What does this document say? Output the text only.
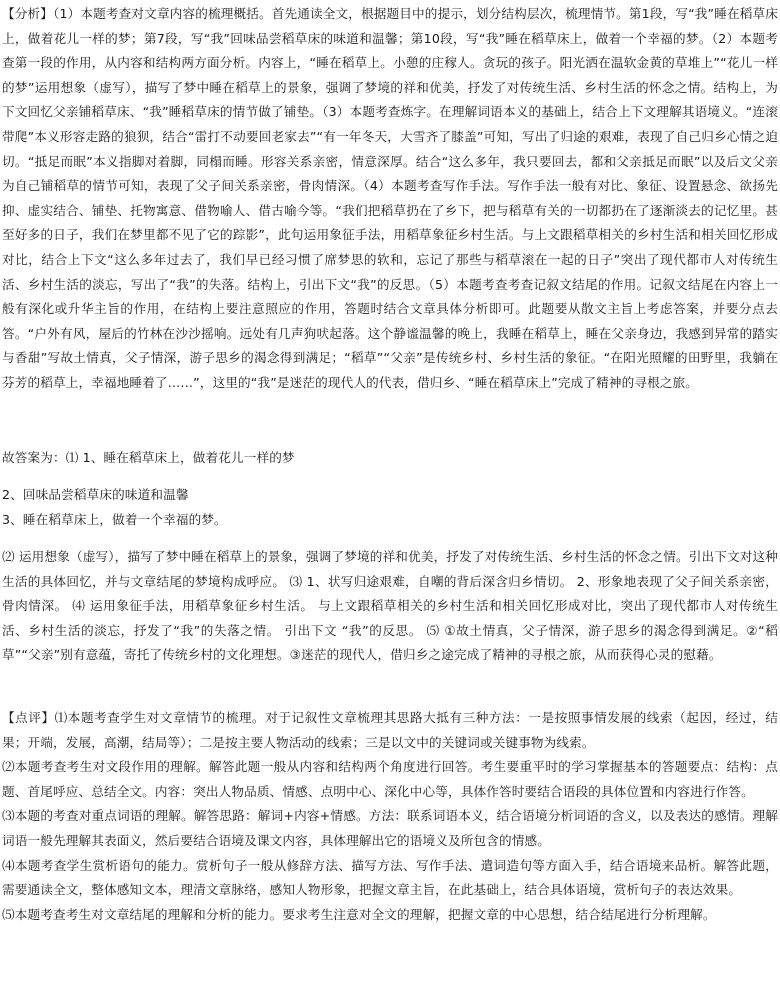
【分析】（1）本题考查对文章内容的梳理概括。首先通读全文，根据题目中的提示，划分结构层次，梳理情节。第1段，写“我”睡在稻草床上，做着花儿一样的梦；第7段，写“我”回味品尝稻草床的味道和温馨；第10段，写“我”睡在稻草床上，做着一个幸福的梦。（2）本题考查第一段的作用，从内容和结构两方面分析。内容上，“睡在稻草上。小憩的庄稼人。贪玩的孩子。阳光洒在温软金黄的草堆上”“花儿一样的梦”运用想象（虚写），描写了梦中睡在稻草上的景象，强调了梦境的祥和优美，抒发了对传统生活、乡村生活的怀念之情。结构上，为下文回忆父亲铺稻草床、“我”睡稻草床的情节做了铺垫。（3）本题考查炼字。在理解词语本义的基础上，结合上下文理解其语境义。“连滚带爬”本义形容走路的狼狈，结合“雷打不动要回老家去”“有一年冬天，大雪齐了膝盖”可知，写出了归途的艰难，表现了自己归乡心情之迫切。“抵足而眠”本义指脚对着脚，同榻而睡。形容关系亲密，情意深厚。结合“这么多年，我只要回去，都和父亲抵足而眠”以及后文父亲为自己铺稻草的情节可知，表现了父子间关系亲密，骨肉情深。（4）本题考查写作手法。写作手法一般有对比、象征、设置悬念、欲扬先抑、虚实结合、铺垫、托物寓意、借物喻人、借古喻今等。“我们把稻草扔在了乡下，把与稻草有关的一切都扔在了逐渐淡去的记忆里。甚至好多的日子，我们在梦里都不见了它的踪影”，此句运用象征手法，用稻草象征乡村生活。与上文跟稻草相关的乡村生活和相关回忆形成对比，结合上下文“这么多年过去了，我们早已经习惯了席梦思的软和，忘记了那些与稻草滚在一起的日子”突出了现代都市人对传统生活、乡村生活的淡忘，写出了“我”的失落。结构上，引出下文“我”的反思。（5）本题考查考查记叙文结尾的作用。记叙文结尾在内容上一般有深化或升华主旨的作用，在结构上要注意照应的作用，答题时结合文章具体分析即可。此题要从散文主旨上考虑答案，并要分点去答。“户外有风，屋后的竹林在沙沙摇响。远处有几声狗吠起落。这个静谧温馨的晚上，我睡在稻草上，睡在父亲身边，我感到异常的踏实与香甜”写故土情真，父子情深，游子思乡的渴念得到满足；“稻草”“父亲”是传统乡村、乡村生活的象征。“在阳光照耀的田野里，我躺在芬芳的稻草上，幸福地睡着了……”，这里的“我”是迷茫的现代人的代表，借归乡、“睡在稻草床上”完成了精神的寻根之旅。

故答案为：⑴ 1、睡在稻草床上，做着花儿一样的梦

2、回味品尝稻草床的味道和温馨

3、睡在稻草床上，做着一个幸福的梦。

⑵ 运用想象（虚写），描写了梦中睡在稻草上的景象，强调了梦境的祥和优美，抒发了对传统生活、乡村生活的怀念之情。引出下文对这种生活的具体回忆，并与文章结尾的梦境构成呼应。 ⑶ 1、状写归途艰难，自嘲的背后深含归乡情切。 2、形象地表现了父子间关系亲密，骨肉情深。 ⑷ 运用象征手法，用稻草象征乡村生活。 与上文跟稻草相关的乡村生活和相关回忆形成对比，突出了现代都市人对传统生活、乡村生活的淡忘，抒发了“我”的失落之情。 引出下文 “我”的反思。 ⑸ ①故土情真，父子情深，游子思乡的渴念得到满足。②“稻草”“父亲”别有意蕴，寄托了传统乡村的文化理想。③迷茫的现代人，借归乡之途完成了精神的寻根之旅，从而获得心灵的慰藉。

【点评】⑴本题考查学生对文章情节的梳理。对于记叙性文章梳理其思路大抵有三种方法：一是按照事情发展的线索（起因，经过，结果；开端，发展，高潮，结局等）；二是按主要人物活动的线索；三是以文中的关键词或关键事物为线索。
⑵本题考查考生对文段作用的理解。解答此题一般从内容和结构两个角度进行回答。考生要重平时的学习掌握基本的答题要点：结构：点题、首尾呼应、总结全文。内容：突出人物品质、情感、点明中心、深化中心等，具体作答时要结合语段的具体位置和内容进行作答。
⑶本题的考查对重点词语的理解。解答思路：解词+内容+情感。方法：联系词语本义，结合语境分析词语的含义，以及表达的感情。理解词语一般先理解其表面义，然后要结合语境及课文内容，具体理解出它的语境义及所包含的情感。
⑷本题考查学生赏析语句的能力。赏析句子一般从修辞方法、描写方法、写作手法、遣词造句等方面入手，结合语境来品析。解答此题，需要通读全文，整体感知文本，理清文章脉络，感知人物形象，把握文章主旨，在此基础上，结合具体语境，赏析句子的表达效果。
⑸本题考查考生对文章结尾的理解和分析的能力。要求考生注意对全文的理解，把握文章的中心思想，结合结尾进行分析理解。
